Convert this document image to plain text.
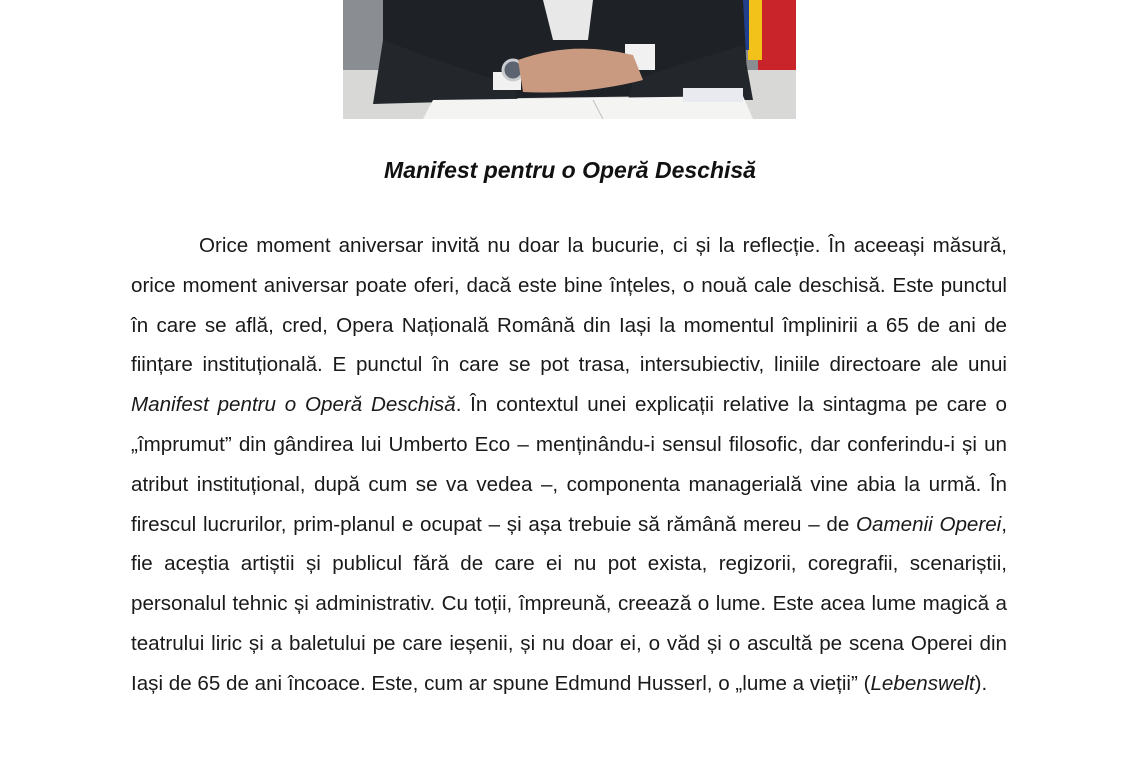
Manifest pentru o Operă Deschisă

Orice moment aniversar invită nu doar la bucurie, ci și la reflecție. În aceeași măsură, orice moment aniversar poate oferi, dacă este bine înțeles, o nouă cale deschisă. Este punctul în care se află, cred, Opera Națională Română din Iași la momentul împlinirii a 65 de ani de ființare instituțională. E punctul în care se pot trasa, intersubiectiv, liniile directoare ale unui Manifest pentru o Operă Deschisă. În contextul unei explicații relative la sintagma pe care o „împrumut” din gândirea lui Umberto Eco – menținându-i sensul filosofic, dar conferindu-i și un atribut instituțional, după cum se va vedea –, componenta managerială vine abia la urmă. În firescul lucrurilor, prim-planul e ocupat – și așa trebuie să rămână mereu – de Oamenii Operei, fie aceștia artiștii și publicul fără de care ei nu pot exista, regizorii, coregrafii, scenariștii, personalul tehnic și administrativ. Cu toții, împreună, creează o lume. Este acea lume magică a teatrului liric și a baletului pe care ieșenii, și nu doar ei, o văd și o ascultă pe scena Operei din Iași de 65 de ani încoace. Este, cum ar spune Edmund Husserl, o „lume a vieții” (Lebenswelt).
